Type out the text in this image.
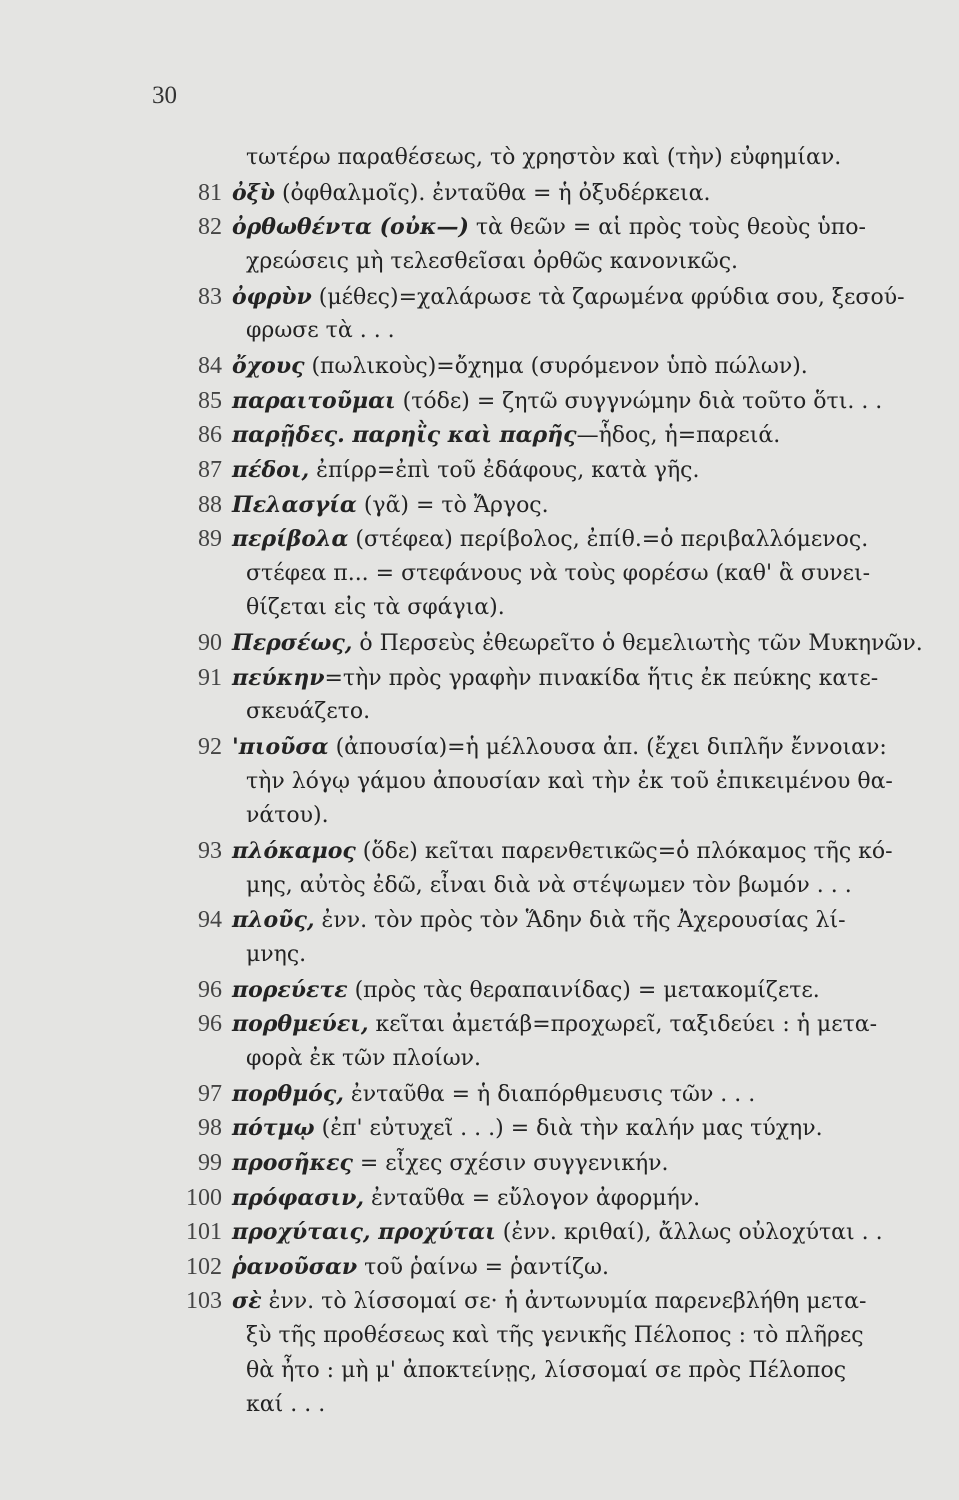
30
τωτέρω παραθέσεως, τὸ χρηστὸν καὶ (τὴν) εὐφημίαν.
81 ὀξὺ (ὀφθαλμοῖς). ἐνταῦθα = ἡ ὀξυδέρκεια.
82 ὀρθωθέντα (οὐκ—) τὰ θεῶν = αἱ πρὸς τοὺς θεοὺς ὑπο-
χρεώσεις μὴ τελεσθεῖσαι ὀρθῶς κανονικῶς.
83 ὀφρὺν (μέθες)=χαλάρωσε τὰ ζαρωμένα φρύδια σου, ξεσού-
φρωσε τὰ . . .
84 ὄχους (πωλικοὺς)=ὄχημα (συρόμενον ὑπὸ πώλων).
85 παραιτοῦμαι (τόδε) = ζητῶ συγγνώμην διὰ τοῦτο ὅτι. . .
86 παρῇδες. παρηῒς καὶ παρῆς—ἧδος, ἡ=παρειά.
87 πέδοι, ἐπίρρ=ἐπὶ τοῦ ἐδάφους, κατὰ γῆς.
88 Πελασγία (γᾶ) = τὸ Ἄργος.
89 περίβολα (στέφεα) περίβολος, ἐπίθ.=ὁ περιβαλλόμενος.
στέφεα π... = στεφάνους νὰ τοὺς φορέσω (καθ' ἃ συνει-
θίζεται εἰς τὰ σφάγια).
90 Περσέως, ὁ Περσεὺς ἐθεωρεῖτο ὁ θεμελιωτὴς τῶν Μυκηνῶν.
91 πεύκην=τὴν πρὸς γραφὴν πινακίδα ἥτις ἐκ πεύκης κατε-
σκευάζετο.
92 'πιοῦσα (ἀπουσία)=ἡ μέλλουσα ἀπ. (ἔχει διπλῆν ἔννοιαν:
τὴν λόγῳ γάμου ἀπουσίαν καὶ τὴν ἐκ τοῦ ἐπικειμένου θα-
νάτου).
93 πλόκαμος (ὅδε) κεῖται παρενθετικῶς=ὁ πλόκαμος τῆς κό-
μης, αὐτὸς ἐδῶ, εἶναι διὰ νὰ στέψωμεν τὸν βωμόν . . .
94 πλοῦς, ἐνν. τὸν πρὸς τὸν Ἅδην διὰ τῆς Ἀχερουσίας λί-
μνης.
96 πορεύετε (πρὸς τὰς θεραπαινίδας) = μετακομίζετε.
96 πορθμεύει, κεῖται ἀμετάβ=προχωρεῖ, ταξιδεύει : ἡ μετα-
φορὰ ἐκ τῶν πλοίων.
97 πορθμός, ἐνταῦθα = ἡ διαπόρθμευσις τῶν . . .
98 πότμῳ (ἐπ' εὐτυχεῖ . . .) = διὰ τὴν καλήν μας τύχην.
99 προσῆκες = εἶχες σχέσιν συγγενικήν.
100 πρόφασιν, ἐνταῦθα = εὔλογον ἀφορμήν.
101 προχύταις, προχύται (ἐνν. κριθαί), ἄλλως οὐλοχύται . .
102 ῥανοῦσαν τοῦ ῥαίνω = ῥαντίζω.
103 σὲ ἐνν. τὸ λίσσομαί σε· ἡ ἀντωνυμία παρενεβλήθη μετα-
ξὺ τῆς προθέσεως καὶ τῆς γενικῆς Πέλοπος : τὸ πλῆρες
θὰ ἦτο : μὴ μ' ἀποκτείνῃς, λίσσομαί σε πρὸς Πέλοπος
καί . . .
